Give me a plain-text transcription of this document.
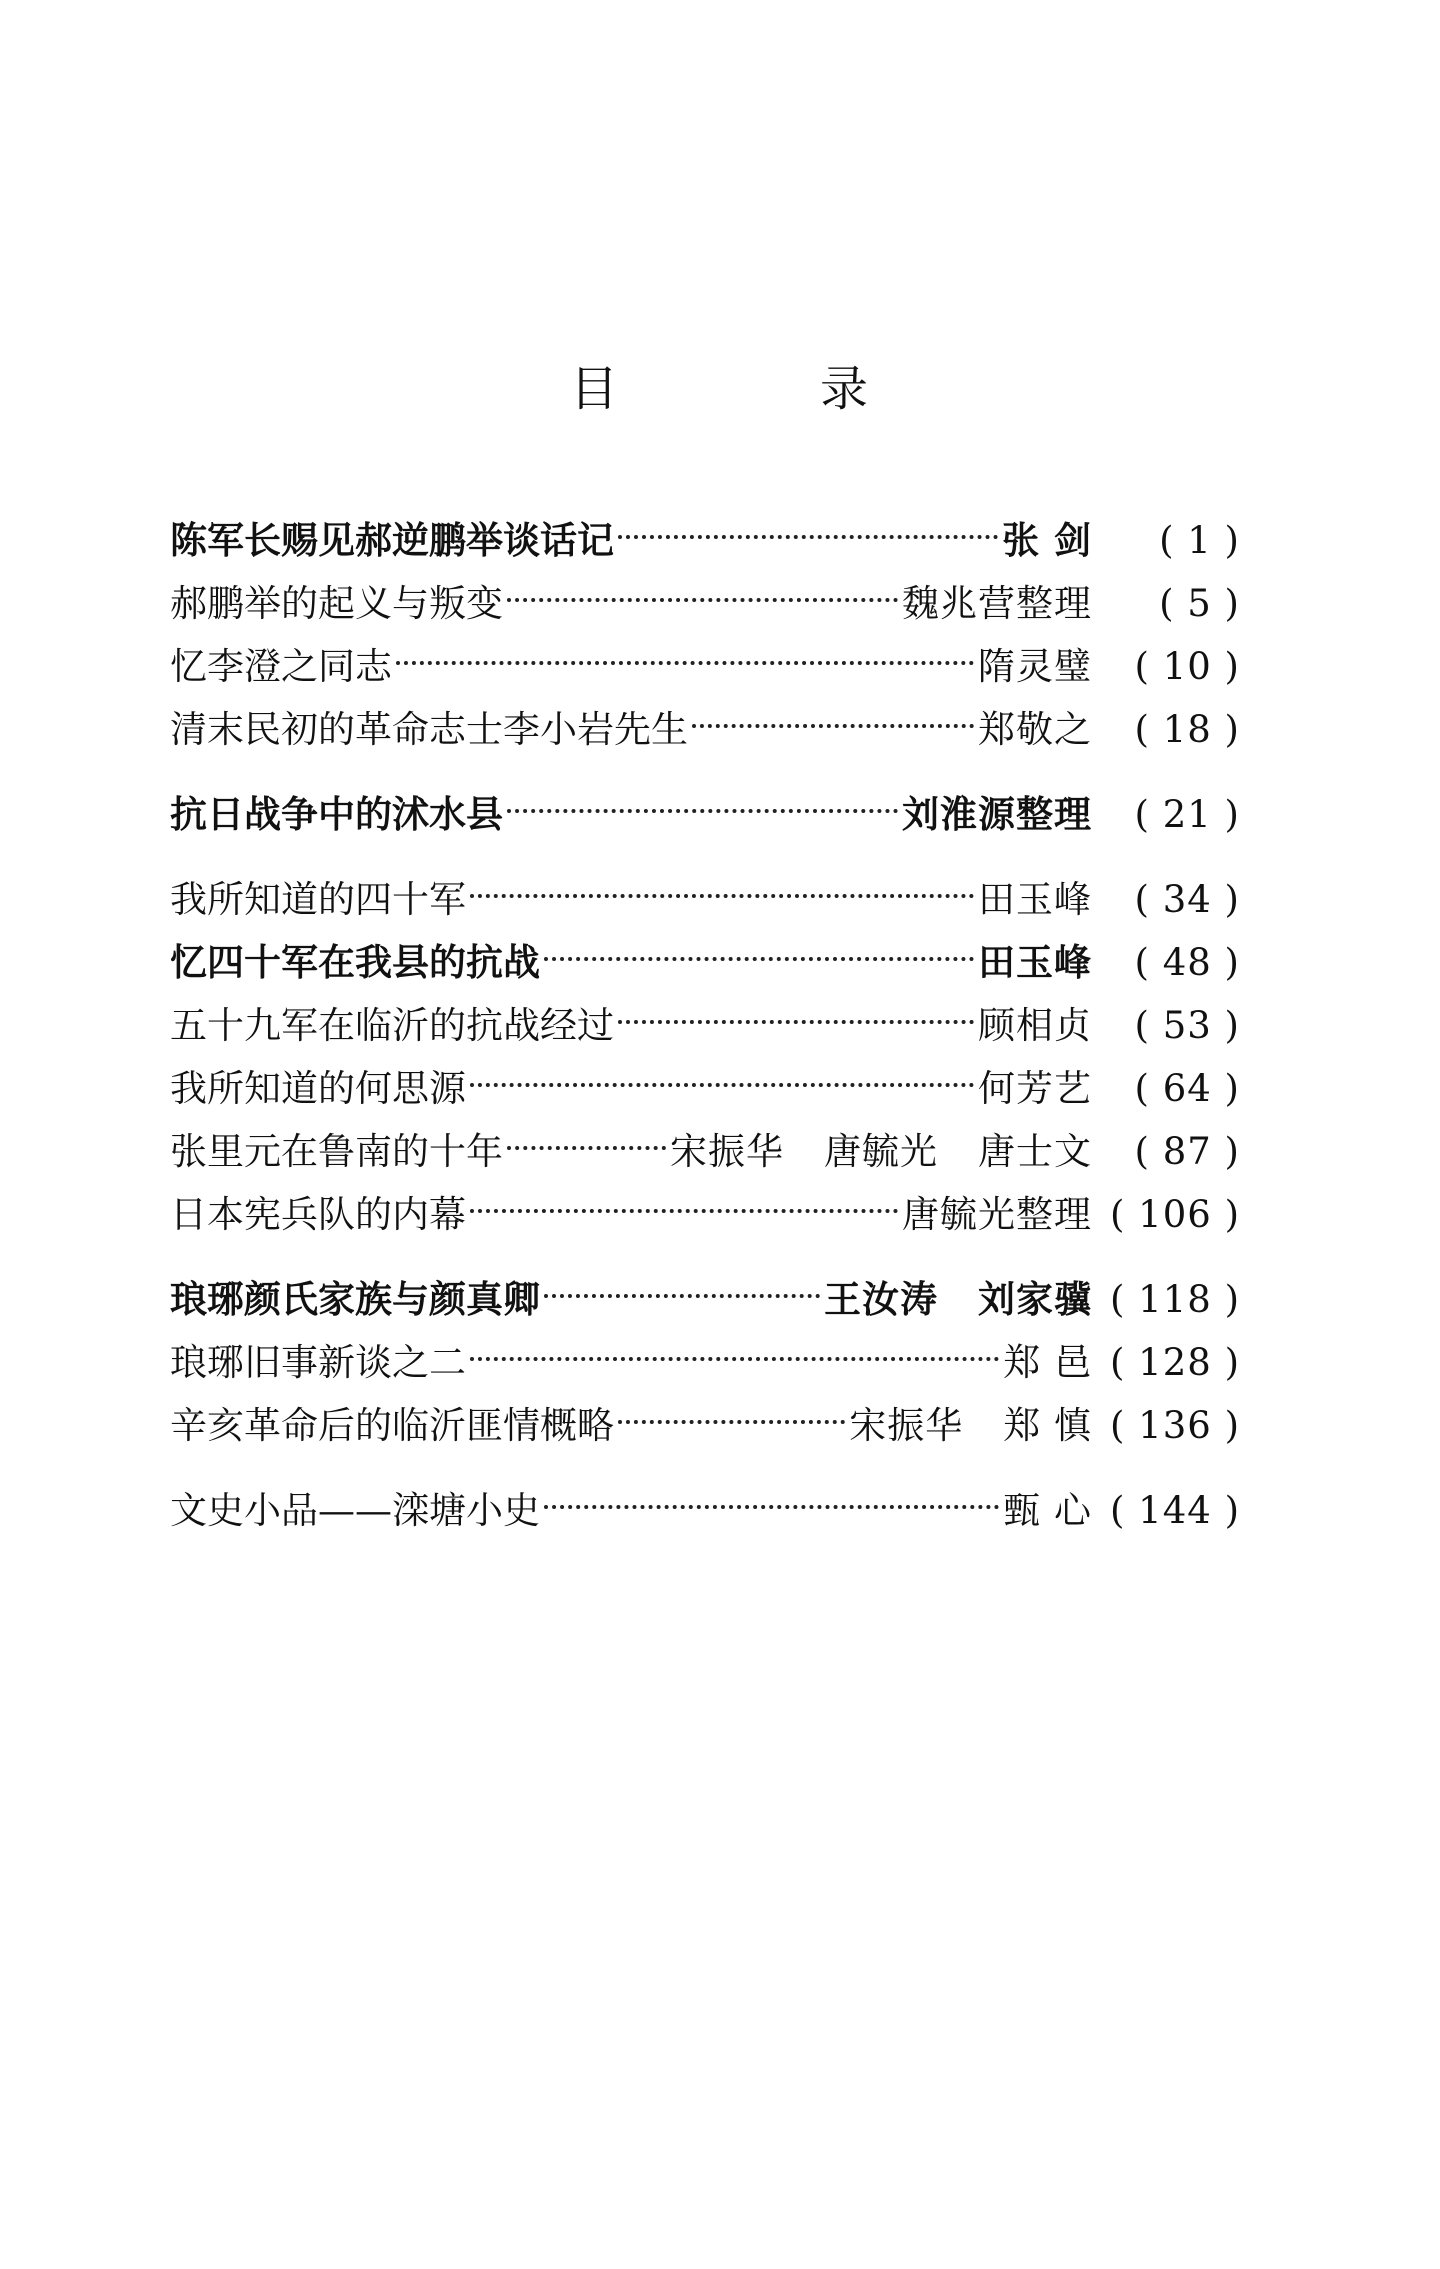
目	录
陈军长赐见郝逆鹏举谈话记	张 剑	( 1 )
郝鹏举的起义与叛变	魏兆营整理	( 5 )
忆李澄之同志	隋灵璧	( 10 )
清末民初的革命志士李小岩先生	郑敬之	( 18 )
抗日战争中的沭水县	刘淮源整理	( 21 )
我所知道的四十军	田玉峰	( 34 )
忆四十军在我县的抗战	田玉峰	( 48 )
五十九军在临沂的抗战经过	顾相贞	( 53 )
我所知道的何思源	何芳艺	( 64 )
张里元在鲁南的十年	宋振华 唐毓光 唐士文	( 87 )
日本宪兵队的内幕	唐毓光整理 ( 106 )
琅琊颜氏家族与颜真卿	王汝涛 刘家骥 ( 118 )
琅琊旧事新谈之二	郑 邑 ( 128 )
辛亥革命后的临沂匪情概略	宋振华 郑 慎 ( 136 )
文史小品——滦塘小史	甄 心 ( 144 )
